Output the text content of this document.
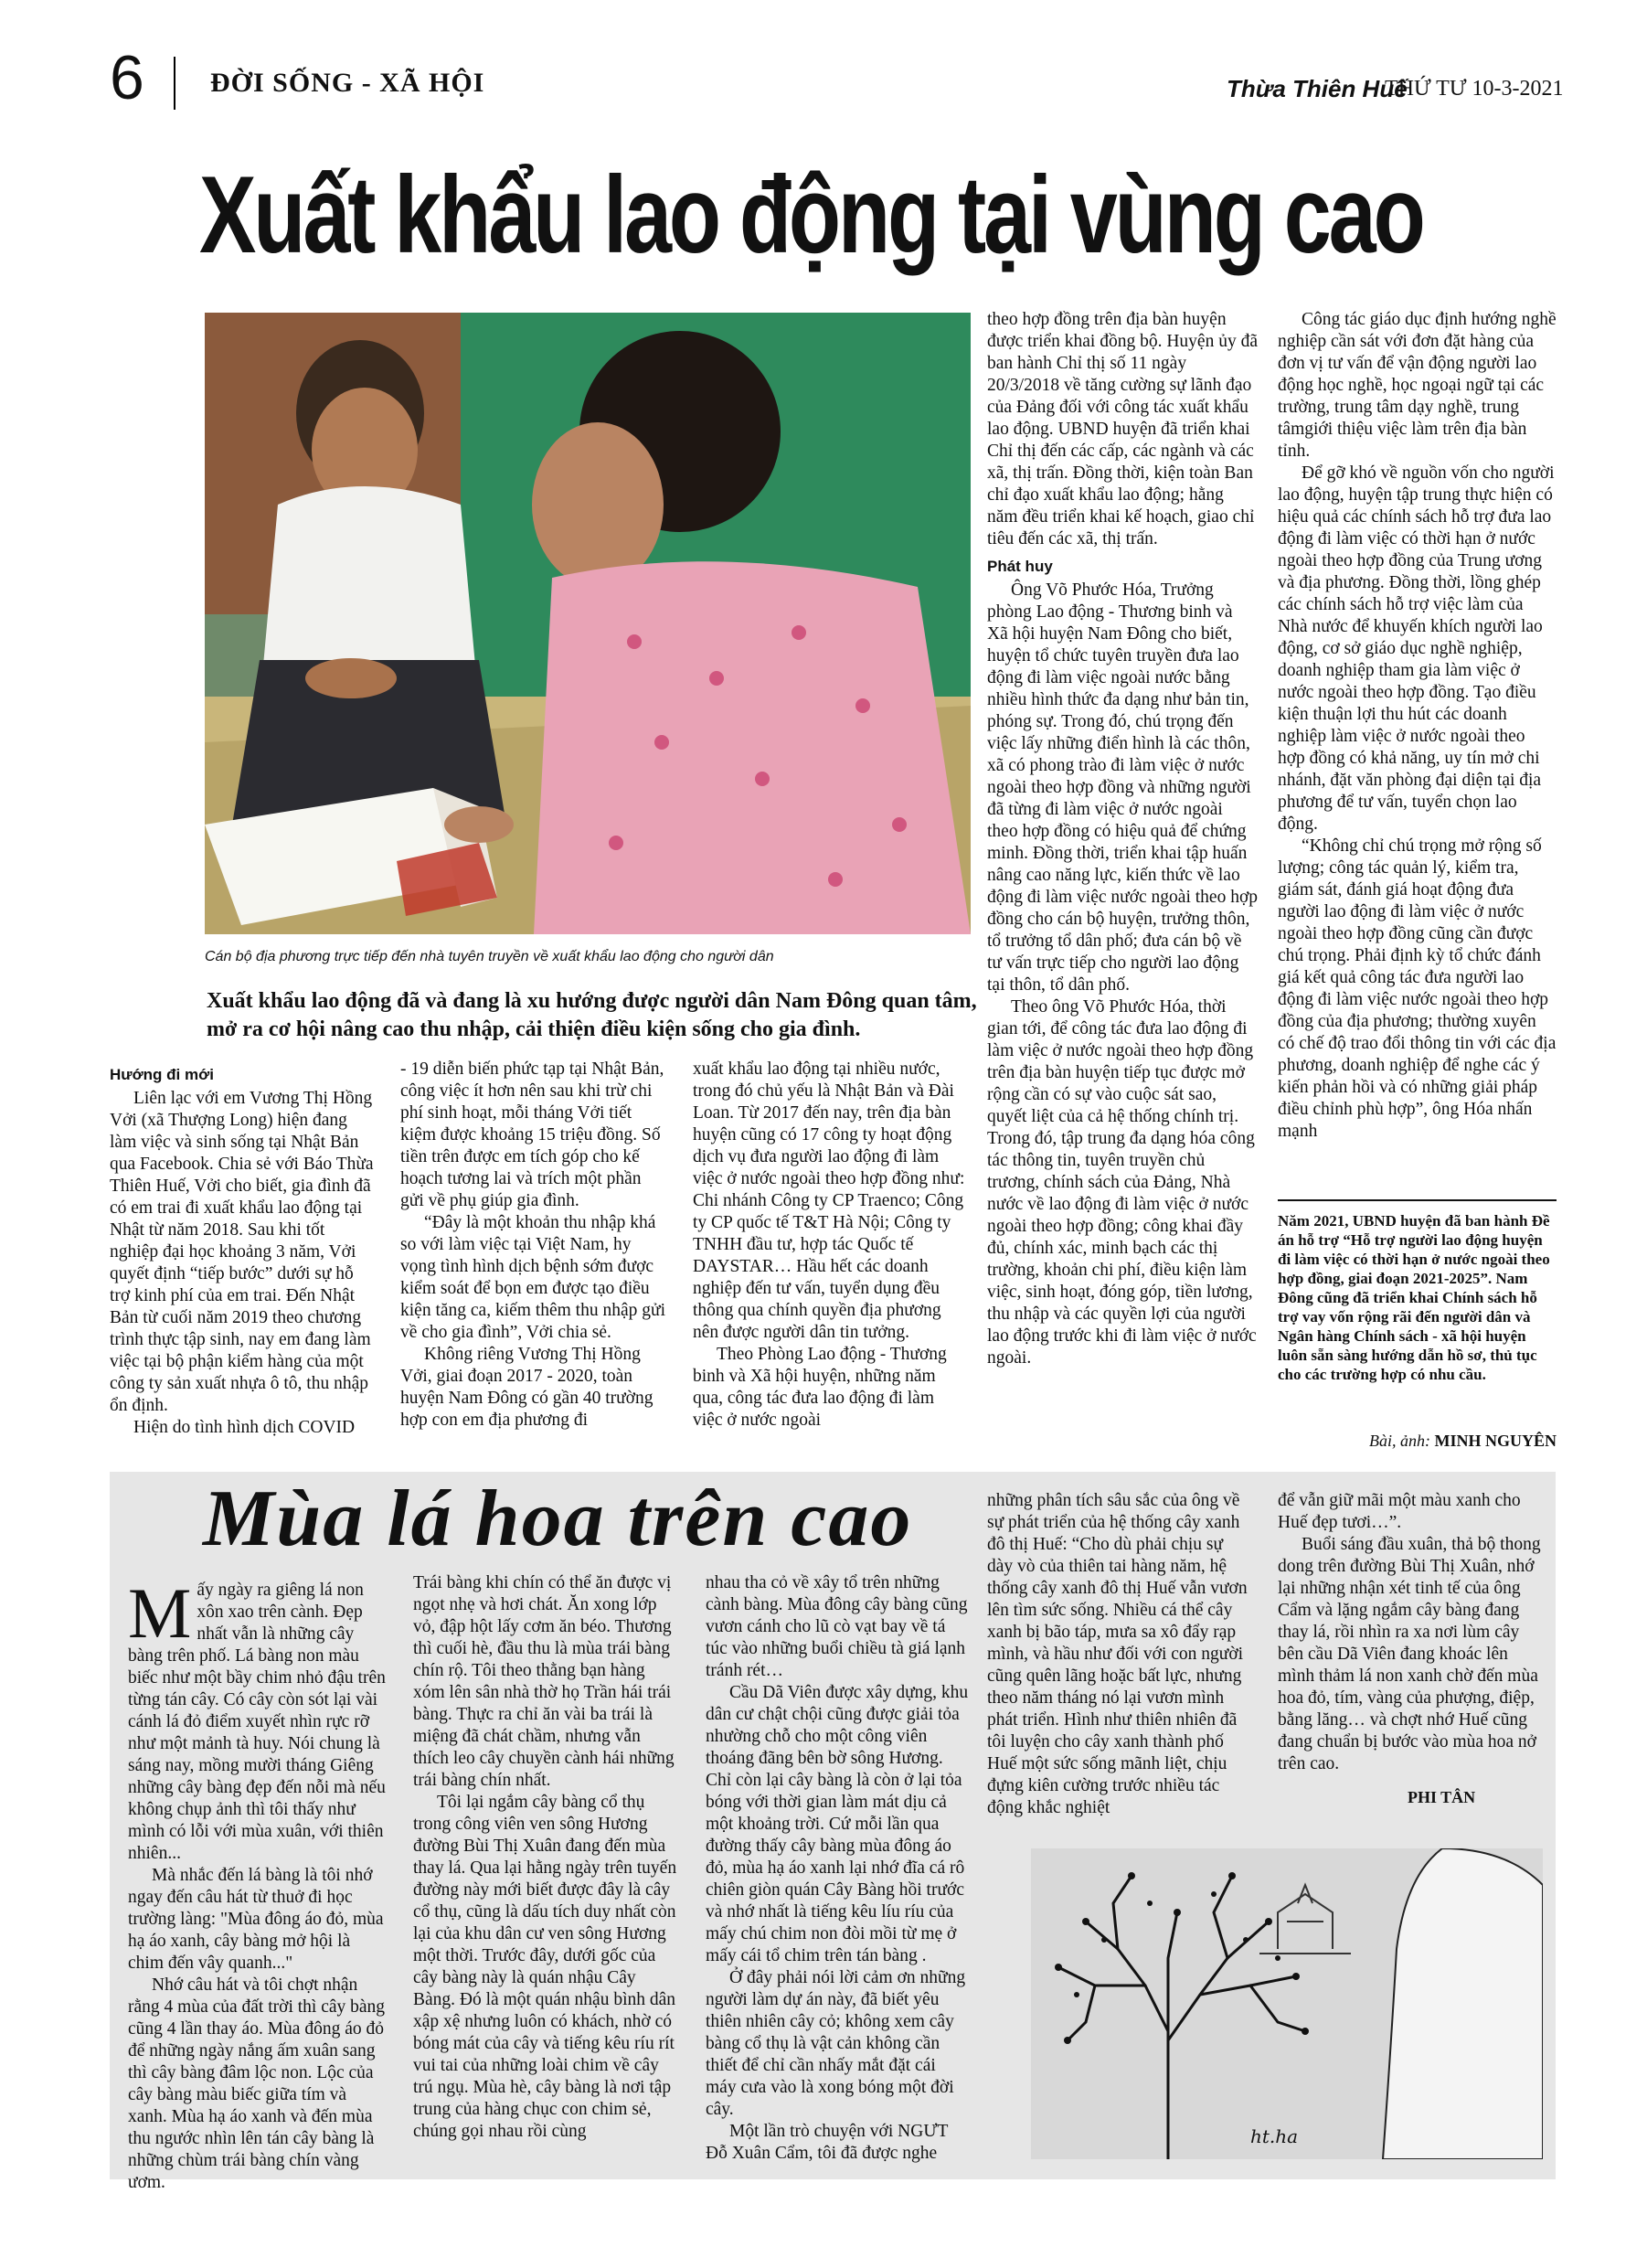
6 ĐỜI SỐNG - XÃ HỘI	Thừa Thiên Huế
THỨ TƯ 10-3-2021
Xuất khẩu lao động tại vùng cao
Cán bộ địa phương trực tiếp đến nhà tuyên truyền về xuất khẩu lao động cho người dân
Xuất khẩu lao động đã và đang là xu hướng được người dân Nam Đông quan tâm, mở ra cơ hội nâng cao thu nhập, cải thiện điều kiện sống cho gia đình.
Hướng đi mới

Liên lạc với em Vương Thị Hồng Vởi (xã Thượng Long) hiện đang làm việc và sinh sống tại Nhật Bản qua Facebook. Chia sẻ với Báo Thừa Thiên Huế, Vởi cho biết, gia đình đã có em trai đi xuất khẩu lao động tại Nhật từ năm 2018. Sau khi tốt nghiệp đại học khoảng 3 năm, Vởi quyết định “tiếp bước” dưới sự hỗ trợ kinh phí của em trai. Đến Nhật Bản từ cuối năm 2019 theo chương trình thực tập sinh, nay em đang làm việc tại bộ phận kiểm hàng của một công ty sản xuất nhựa ô tô, thu nhập ổn định.

Hiện do tình hình dịch COVID

- 19 diễn biến phức tạp tại Nhật Bản, công việc ít hơn nên sau khi trừ chi phí sinh hoạt, mỗi tháng Vởi tiết kiệm được khoảng 15 triệu đồng. Số tiền trên được em tích góp cho kế hoạch tương lai và trích một phần gửi về phụ giúp gia đình.

“Đây là một khoản thu nhập khá so với làm việc tại Việt Nam, hy vọng tình hình dịch bệnh sớm được kiểm soát để bọn em được tạo điều kiện tăng ca, kiếm thêm thu nhập gửi về cho gia đình”, Vởi chia sẻ.

Không riêng Vương Thị Hồng Vởi, giai đoạn 2017 - 2020, toàn huyện Nam Đông có gần 40 trường hợp con em địa phương đi

xuất khẩu lao động tại nhiều nước, trong đó chủ yếu là Nhật Bản và Đài Loan. Từ 2017 đến nay, trên địa bàn huyện cũng có 17 công ty hoạt động dịch vụ đưa người lao động đi làm việc ở nước ngoài theo hợp đồng như: Chi nhánh Công ty CP Traenco; Công ty CP quốc tế T&T Hà Nội; Công ty TNHH đầu tư, hợp tác Quốc tế DAYSTAR… Hầu hết các doanh nghiệp đến tư vấn, tuyển dụng đều thông qua chính quyền địa phương nên được người dân tin tưởng.

Theo Phòng Lao động - Thương binh và Xã hội huyện, những năm qua, công tác đưa lao động đi làm việc ở nước ngoài

theo hợp đồng trên địa bàn huyện được triển khai đồng bộ. Huyện ủy đã ban hành Chỉ thị số 11 ngày 20/3/2018 về tăng cường sự lãnh đạo của Đảng đối với công tác xuất khẩu lao động. UBND huyện đã triển khai Chỉ thị đến các cấp, các ngành và các xã, thị trấn. Đồng thời, kiện toàn Ban chỉ đạo xuất khẩu lao động; hằng năm đều triển khai kế hoạch, giao chỉ tiêu đến các xã, thị trấn.

Phát huy

Ông Võ Phước Hóa, Trưởng phòng Lao động - Thương binh và Xã hội huyện Nam Đông cho biết, huyện tổ chức tuyên truyền đưa lao động đi làm việc ngoài nước bằng nhiều hình thức đa dạng như bản tin, phóng sự. Trong đó, chú trọng đến việc lấy những điển hình là các thôn, xã có phong trào đi làm việc ở nước ngoài theo hợp đồng và những người đã từng đi làm việc ở nước ngoài theo hợp đồng có hiệu quả để chứng minh. Đồng thời, triển khai tập huấn nâng cao năng lực, kiến thức về lao động đi làm việc nước ngoài theo hợp đồng cho cán bộ huyện, trưởng thôn, tổ trưởng tổ dân phố; đưa cán bộ về tư vấn trực tiếp cho người lao động tại thôn, tổ dân phố.

Theo ông Võ Phước Hóa, thời gian tới, để công tác đưa lao động đi làm việc ở nước ngoài theo hợp đồng trên địa bàn huyện tiếp tục được mở rộng cần có sự vào cuộc sát sao, quyết liệt của cả hệ thống chính trị. Trong đó, tập trung đa dạng hóa công tác thông tin, tuyên truyền chủ trương, chính sách của Đảng, Nhà nước về lao động đi làm việc ở nước ngoài theo hợp đồng; công khai đầy đủ, chính xác, minh bạch các thị trường, khoản chi phí, điều kiện làm việc, sinh hoạt, đóng góp, tiền lương, thu nhập và các quyền lợi của người lao động trước khi đi làm việc ở nước ngoài.

Công tác giáo dục định hướng nghề nghiệp cần sát với đơn đặt hàng của đơn vị tư vấn để vận động người lao động học nghề, học ngoại ngữ tại các trường, trung tâm dạy nghề, trung tâmgiới thiệu việc làm trên địa bàn tỉnh.

Để gỡ khó về nguồn vốn cho người lao động, huyện tập trung thực hiện có hiệu quả các chính sách hỗ trợ đưa lao động đi làm việc có thời hạn ở nước ngoài theo hợp đồng của Trung ương và địa phương. Đồng thời, lồng ghép các chính sách hỗ trợ việc làm của Nhà nước để khuyến khích người lao động, cơ sở giáo dục nghề nghiệp, doanh nghiệp tham gia làm việc ở nước ngoài theo hợp đồng. Tạo điều kiện thuận lợi thu hút các doanh nghiệp làm việc ở nước ngoài theo hợp đồng có khả năng, uy tín mở chi nhánh, đặt văn phòng đại diện tại địa phương để tư vấn, tuyển chọn lao động.

“Không chỉ chú trọng mở rộng số lượng; công tác quản lý, kiểm tra, giám sát, đánh giá hoạt động đưa người lao động đi làm việc ở nước ngoài theo hợp đồng cũng cần được chú trọng. Phải định kỳ tổ chức đánh giá kết quả công tác đưa người lao động đi làm việc nước ngoài theo hợp đồng của địa phương; thường xuyên có chế độ trao đổi thông tin với các địa phương, doanh nghiệp để nghe các ý kiến phản hồi và có những giải pháp điều chỉnh phù hợp”, ông Hóa nhấn mạnh

Năm 2021, UBND huyện đã ban hành Đề án hỗ trợ “Hỗ trợ người lao động huyện đi làm việc có thời hạn ở nước ngoài theo hợp đồng, giai đoạn 2021-2025”. Nam Đông cũng đã triển khai Chính sách hỗ trợ vay vốn rộng rãi đến người dân và Ngân hàng Chính sách - xã hội huyện luôn sẵn sàng hướng dẫn hồ sơ, thủ tục cho các trường hợp có nhu cầu.
Bài, ảnh: MINH NGUYÊN
Mùa lá hoa trên cao

Mấy ngày ra giêng lá non xôn xao trên cành. Đẹp nhất vẫn là những cây bàng trên phố. Lá bàng non màu biếc như một bầy chim nhỏ đậu trên từng tán cây. Có cây còn sót lại vài cánh lá đỏ điểm xuyết nhìn rực rỡ như một mảnh tà huy. Nói chung là sáng nay, mồng mười tháng Giêng những cây bàng đẹp đến nỗi mà nếu không chụp ảnh thì tôi thấy như mình có lỗi với mùa xuân, với thiên nhiên...

Mà nhắc đến lá bàng là tôi nhớ ngay đến câu hát từ thuở đi học trường làng: "Mùa đông áo đỏ, mùa hạ áo xanh, cây bàng mở hội là chim đến vây quanh..."

Nhớ câu hát và tôi chợt nhận rằng 4 mùa của đất trời thì cây bàng cũng 4 lần thay áo. Mùa đông áo đỏ để những ngày nắng ấm xuân sang thì cây bàng đâm lộc non. Lộc của cây bàng màu biếc giữa tím và xanh. Mùa hạ áo xanh và đến mùa thu ngước nhìn lên tán cây bàng là những chùm trái bàng chín vàng ươm.

Trái bàng khi chín có thể ăn được vị ngọt nhẹ và hơi chát. Ăn xong lớp vỏ, đập hột lấy cơm ăn béo. Thương thì cuối hè, đầu thu là mùa trái bàng chín rộ. Tôi theo thằng bạn hàng xóm lên sân nhà thờ họ Trần hái trái bàng. Thực ra chỉ ăn vài ba trái là miệng đã chát chầm, nhưng vẫn thích leo cây chuyền cành hái những trái bàng chín nhất.

Tôi lại ngắm cây bàng cổ thụ trong công viên ven sông Hương đường Bùi Thị Xuân đang đến mùa thay lá. Qua lại hằng ngày trên tuyến đường này mới biết được đây là cây cổ thụ, cũng là dấu tích duy nhất còn lại của khu dân cư ven sông Hương một thời. Trước đây, dưới gốc của cây bàng này là quán nhậu Cây Bàng. Đó là một quán nhậu bình dân xập xệ nhưng luôn có khách, nhờ có bóng mát của cây và tiếng kêu ríu rít vui tai của những loài chim về cây trú ngụ. Mùa hè, cây bàng là nơi tập trung của hàng chục con chim sẻ, chúng gọi nhau rồi cùng

nhau tha cỏ về xây tổ trên những cành bàng. Mùa đông cây bàng cũng vươn cánh cho lũ cò vạt bay về tá túc vào những buổi chiều tà giá lạnh tránh rét…

Cầu Dã Viên được xây dựng, khu dân cư chật chội cũng được giải tỏa nhường chỗ cho một công viên thoáng đãng bên bờ sông Hương. Chỉ còn lại cây bàng là còn ở lại tỏa bóng với thời gian làm mát dịu cả một khoảng trời. Cứ mỗi lần qua đường thấy cây bàng mùa đông áo đỏ, mùa hạ áo xanh lại nhớ đĩa cá rô chiên giòn quán Cây Bàng hồi trước và nhớ nhất là tiếng kêu líu ríu của mấy chú chim non đòi mồi từ mẹ ở mấy cái tổ chim trên tán bàng .

Ở đây phải nói lời cảm ơn những người làm dự án này, đã biết yêu thiên nhiên cây cỏ; không xem cây bàng cổ thụ là vật cản không cần thiết để chỉ cần nhấy mắt đặt cái máy cưa vào là xong bóng một đời cây.

Một lần trò chuyện với NGƯT Đỗ Xuân Cẩm, tôi đã được nghe

những phân tích sâu sắc của ông về sự phát triển của hệ thống cây xanh đô thị Huế: “Cho dù phải chịu sự dày vò của thiên tai hàng năm, hệ thống cây xanh đô thị Huế vẫn vươn lên tìm sức sống. Nhiều cá thể cây xanh bị bão táp, mưa sa xô đẩy rạp mình, và hầu như đối với con người cũng quên lãng hoặc bất lực, nhưng theo năm tháng nó lại vươn mình phát triển. Hình như thiên nhiên đã tôi luyện cho cây xanh thành phố Huế một sức sống mãnh liệt, chịu đựng kiên cường trước nhiều tác động khắc nghiệt

để vẫn giữ mãi một màu xanh cho Huế đẹp tươi…”.

Buổi sáng đầu xuân, thả bộ thong dong trên đường Bùi Thị Xuân, nhớ lại những nhận xét tinh tế của ông Cẩm và lặng ngắm cây bàng đang thay lá, rồi nhìn ra xa nơi lùm cây bên cầu Dã Viên đang khoác lên mình thảm lá non xanh chờ đến mùa hoa đỏ, tím, vàng của phượng, điệp, bằng lăng… và chợt nhớ Huế cũng đang chuẩn bị bước vào mùa hoa nở trên cao.

PHI TÂN
ht.ha
